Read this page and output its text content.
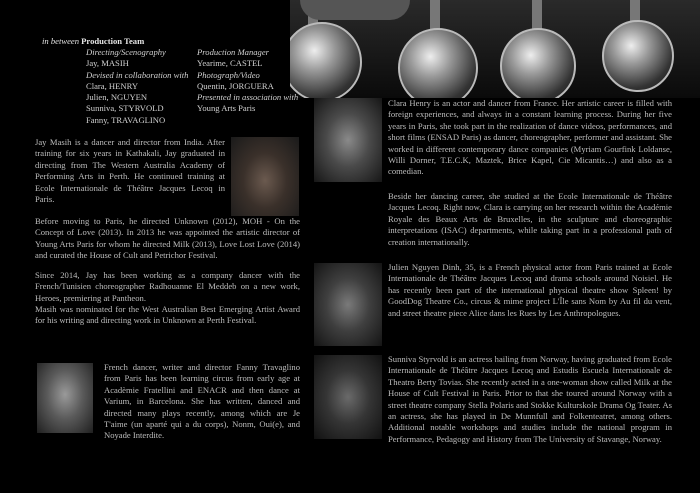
in between Production Team
Directing/Scenography
Jay, MASIH
Devised in collaboration with
Clara, HENRY
Julien, NGUYEN
Sunniva, STYRVOLD
Fanny, TRAVAGLINO
Production Manager
Yearime, CASTEL
Photograph/Video
Quentin, JORGUERA
Presented in association with
Young Arts Paris
Jay Masih is a dancer and director from India. After training for six years in Kathakali, Jay graduated in directing from The Western Australia Academy of Performing Arts in Perth. He continued training at Ecole Internationale de Théâtre Jacques Lecoq in Paris.
Before moving to Paris, he directed Unknown (2012), MOH - On the Concept of Love (2013). In 2013 he was appointed the artistic director of Young Arts Paris for whom he directed Milk (2013), Love Lost Love (2014) and curated the House of Cult and Petrichor Festival.
Since 2014, Jay has been working as a company dancer with the French/Tunisien choreographer Radhouanne El Meddeb on a new work, Heroes, premiering at Pantheon.
Masih was nominated for the West Australian Best Emerging Artist Award for his writing and directing work in Unknown at Perth Festival.
French dancer, writer and director Fanny Travaglino from Paris has been learning circus from early age at Acadèmie Fratellini and ENACR and then dance at Varium, in Barcelona. She has written, danced and directed many plays recently, among which are Je T'aime (un aparté qui a du corps), Nonm, Oui(e), and Noyade Interdite.
Clara Henry is an actor and dancer from France. Her artistic career is filled with foreign experiences, and always in a constant learning process. During her five years in Paris, she took part in the realization of dance videos, performances, and short films (ENSAD Paris) as dancer, choreographer, performer and assistant. She worked in different contemporary dance companies (Myriam Gourfink Loldanse, Willi Dorner, T.E.C.K, Maztek, Brice Kapel, Cie Micantis…) and also as a comedian.
Beside her dancing career, she studied at the Ecole Internationale de Théâtre Jacques Lecoq. Right now, Clara is carrying on her research within the Académie Royale des Beaux Arts de Bruxelles, in the sculpture and choreographic interpretations (ISAC) departments, while taking part in a professional path of creation internationally.
Julien Nguyen Dinh, 35, is a French physical actor from Paris trained at Ecole Internationale de Théâtre Jacques Lecoq and drama schools around Noisiel. He has recently been part of the international physical theatre show Spleen! by GoodDog Theatre Co., circus & mime project L'Île sans Nom by Au fil du vent, and street theatre piece Alice dans les Rues by Les Anthropologues.
Sunniva Styrvold is an actress hailing from Norway, having graduated from Ecole Internationale de Théâtre Jacques Lecoq and Estudis Escuela Internationale de Theatro Berty Tovias. She recently acted in a one-woman show called Milk at the House of Cult Festival in Paris. Prior to that she toured around Norway with a street theatre company Stella Polaris and Stokke Kulturskole Drama Og Teater. As an actress, she has played in De Munnfull and Folkenteatret, among others. Additional notable workshops and studies include the national program in Performance, Pedagogy and History from The University of Stavange, Norway.
